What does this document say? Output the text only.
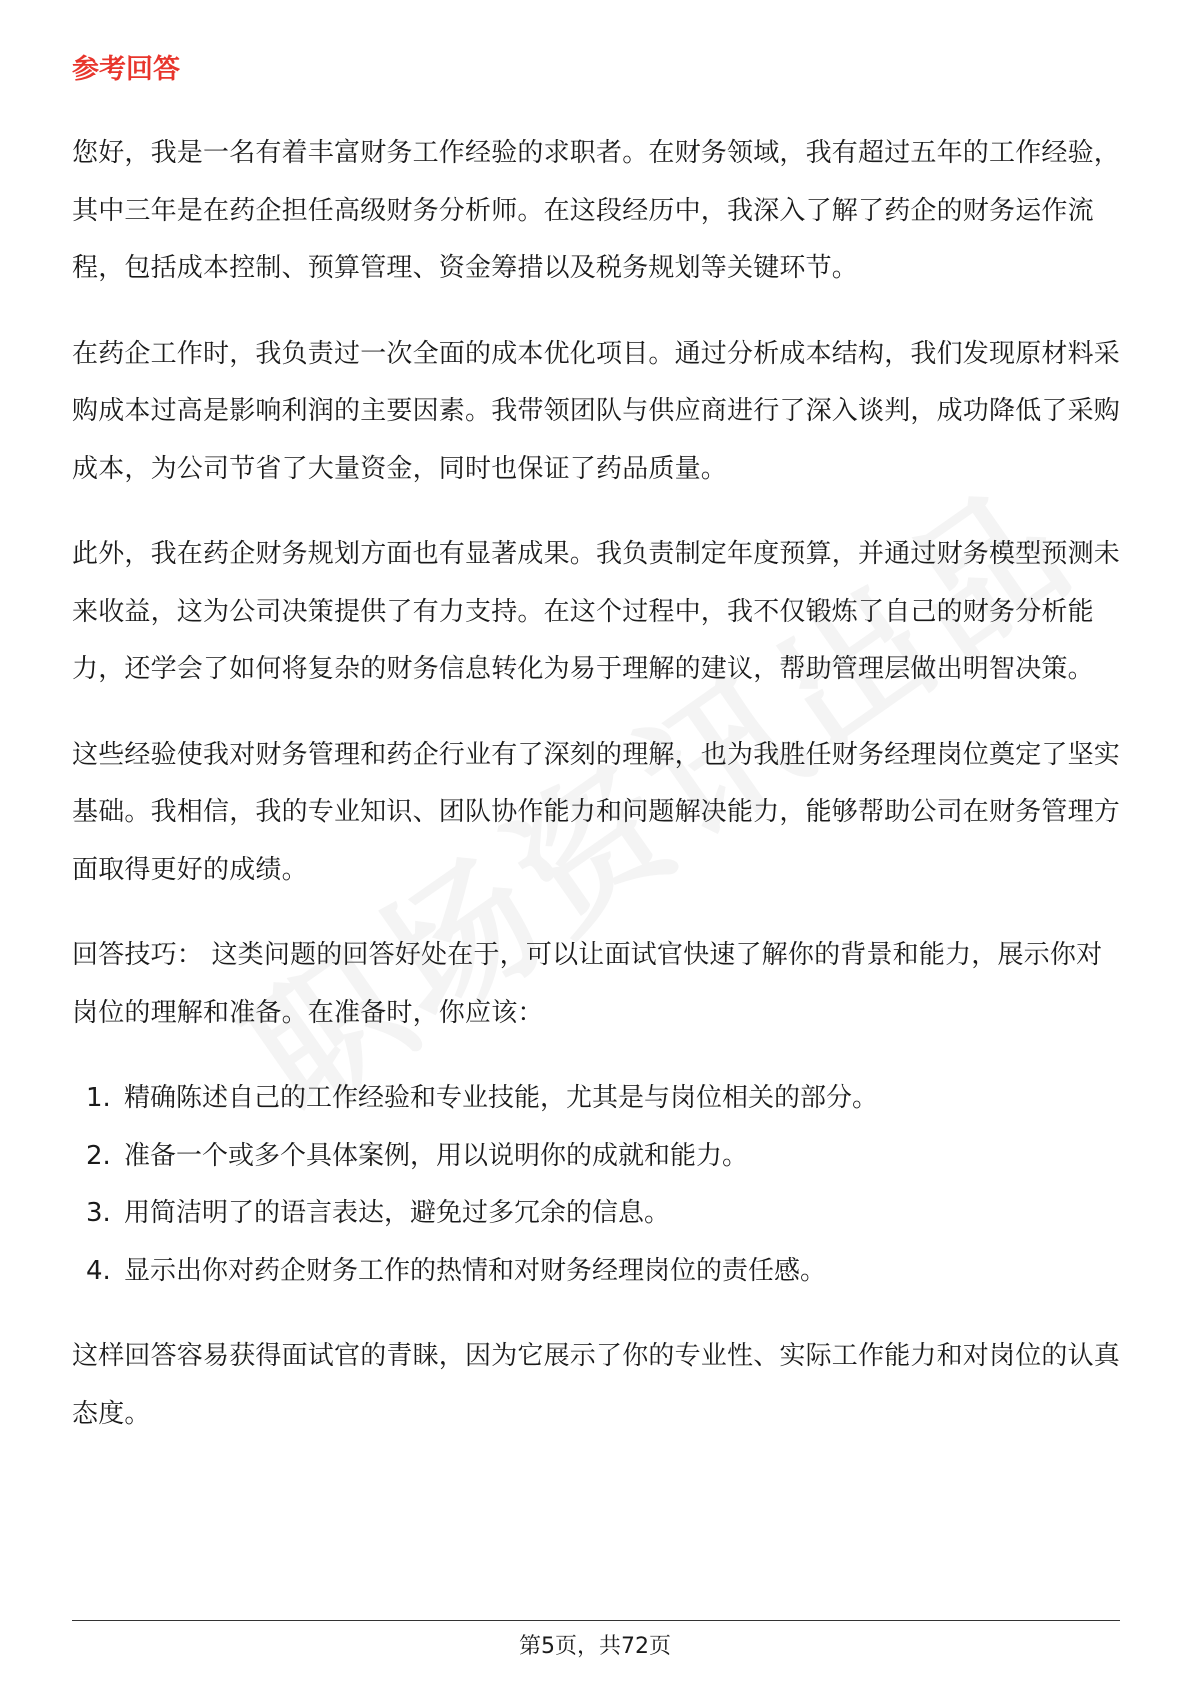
参考回答

您好，我是一名有着丰富财务工作经验的求职者。在财务领域，我有超过五年的工作经验，其中三年是在药企担任高级财务分析师。在这段经历中，我深入了解了药企的财务运作流程，包括成本控制、预算管理、资金筹措以及税务规划等关键环节。

在药企工作时，我负责过一次全面的成本优化项目。通过分析成本结构，我们发现原材料采购成本过高是影响利润的主要因素。我带领团队与供应商进行了深入谈判，成功降低了采购成本，为公司节省了大量资金，同时也保证了药品质量。

此外，我在药企财务规划方面也有显著成果。我负责制定年度预算，并通过财务模型预测未来收益，这为公司决策提供了有力支持。在这个过程中，我不仅锻炼了自己的财务分析能力，还学会了如何将复杂的财务信息转化为易于理解的建议，帮助管理层做出明智决策。

这些经验使我对财务管理和药企行业有了深刻的理解，也为我胜任财务经理岗位奠定了坚实基础。我相信，我的专业知识、团队协作能力和问题解决能力，能够帮助公司在财务管理方面取得更好的成绩。

回答技巧： 这类问题的回答好处在于，可以让面试官快速了解你的背景和能力，展示你对岗位的理解和准备。在准备时，你应该：

1. 精确陈述自己的工作经验和专业技能，尤其是与岗位相关的部分。
2. 准备一个或多个具体案例，用以说明你的成就和能力。
3. 用简洁明了的语言表达，避免过多冗余的信息。
4. 显示出你对药企财务工作的热情和对财务经理岗位的责任感。

这样回答容易获得面试官的青睐，因为它展示了你的专业性、实际工作能力和对岗位的认真态度。

第5页，共72页
